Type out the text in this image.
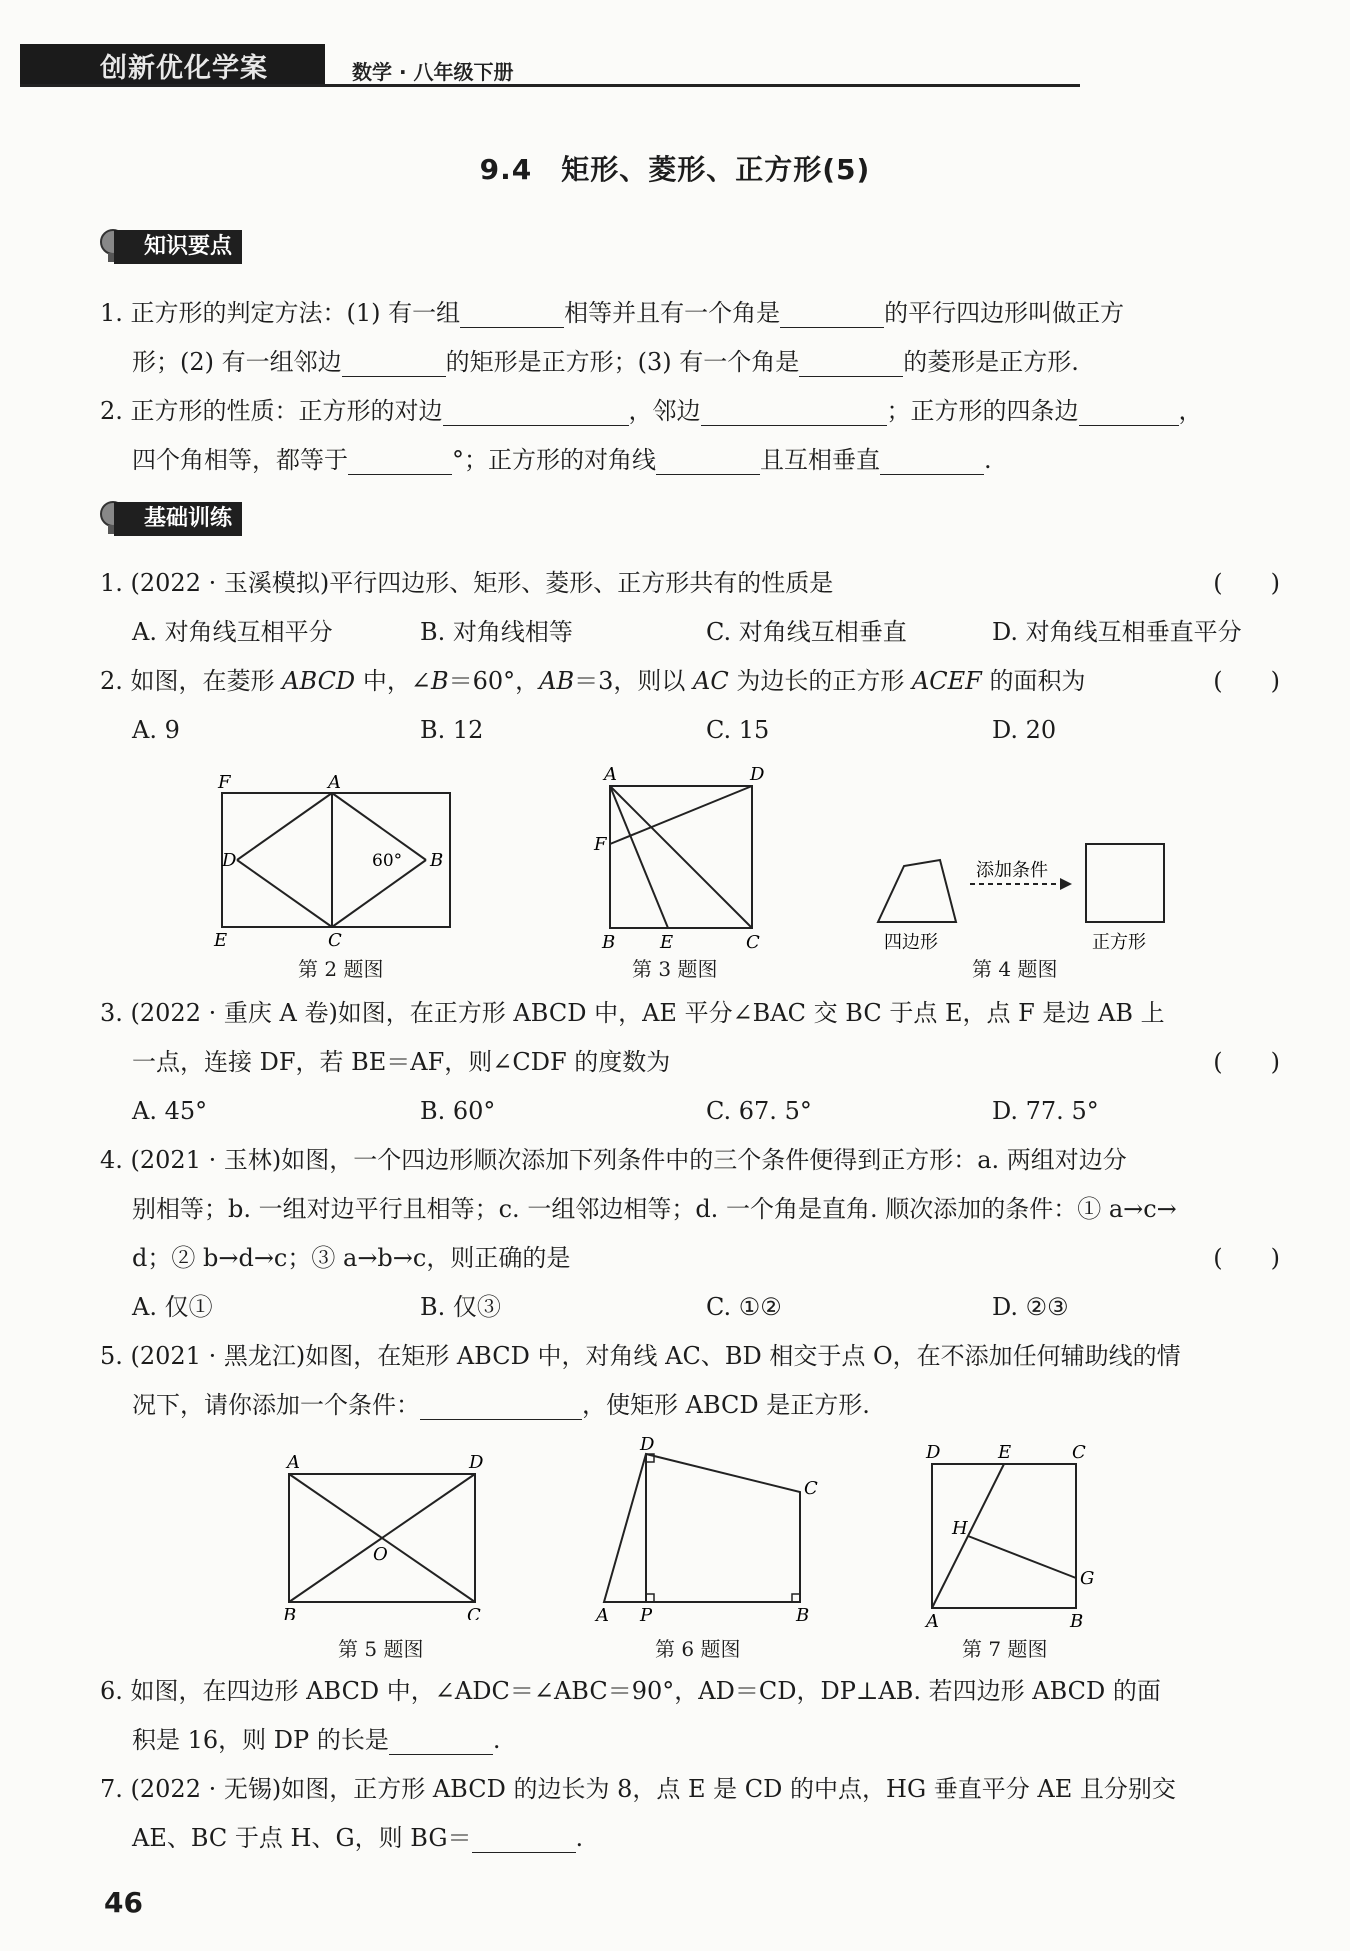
创新优化学案	数学 · 八年级下册
9.4　矩形、菱形、正方形(5)
知识要点
1. 正方形的判定方法：(1) 有一组	相等并且有一个角是	的平行四边形叫做正方
形；(2) 有一组邻边	的矩形是正方形；(3) 有一个角是	的菱形是正方形.
2. 正方形的性质：正方形的对边	，邻边	；正方形的四条边	，
四个角相等，都等于	°；正方形的对角线	且互相垂直	.
基础训练
1. (2022 · 玉溪模拟)平行四边形、矩形、菱形、正方形共有的性质是	(　　)
A. 对角线互相平分	B. 对角线相等	C. 对角线互相垂直	D. 对角线互相垂直平分
2. 如图，在菱形 ABCD 中，∠B＝60°，AB＝3，则以 AC 为边长的正方形 ACEF 的面积为	(　　)
A. 9	B. 12	C. 15	D. 20
F	A
D	60° B
E	C
第 2 题图
A	D
F
B E	C
第 3 题图
添加条件
四边形	正方形
第 4 题图
3. (2022 · 重庆 A 卷)如图，在正方形 ABCD 中，AE 平分∠BAC 交 BC 于点 E，点 F 是边 AB 上
一点，连接 DF，若 BE＝AF，则∠CDF 的度数为	(　　)
A. 45°	B. 60°	C. 67. 5°	D. 77. 5°
4. (2021 · 玉林)如图，一个四边形顺次添加下列条件中的三个条件便得到正方形：a. 两组对边分
别相等；b. 一组对边平行且相等；c. 一组邻边相等；d. 一个角是直角. 顺次添加的条件：① a→c→
d；② b→d→c；③ a→b→c，则正确的是	(　　)
A. 仅①	B. 仅③	C. ①②	D. ②③
5. (2021 · 黑龙江)如图，在矩形 ABCD 中，对角线 AC、BD 相交于点 O，在不添加任何辅助线的情
况下，请你添加一个条件：	，使矩形 ABCD 是正方形.
A	D
O
B	C
第 5 题图
D
C
A P	B
第 6 题图
D	E	C
H
G
A	B
第 7 题图
6. 如图，在四边形 ABCD 中，∠ADC＝∠ABC＝90°，AD＝CD，DP⊥AB. 若四边形 ABCD 的面
积是 16，则 DP 的长是	.
7. (2022 · 无锡)如图，正方形 ABCD 的边长为 8，点 E 是 CD 的中点，HG 垂直平分 AE 且分别交
AE、BC 于点 H、G，则 BG＝	.
46
